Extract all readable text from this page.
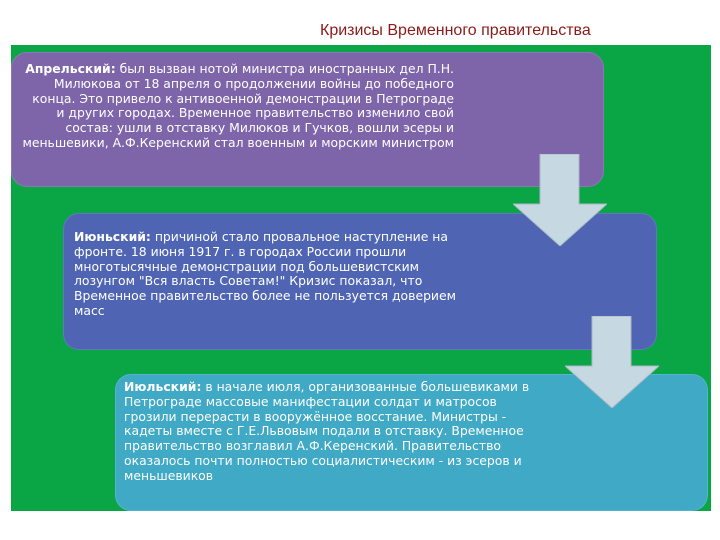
Кризисы Временного правительства

Апрельский: был вызван нотой министра иностранных дел П.Н. Милюкова от 18 апреля о продолжении войны до победного конца. Это привело к антивоенной демонстрации в Петрограде и других городах. Временное правительство изменило свой состав: ушли в отставку Милюков и Гучков, вошли эсеры и меньшевики, А.Ф.Керенский стал военным и морским министром

Июньский: причиной стало провальное наступление на фронте. 18 июня 1917 г. в городах России прошли многотысячные демонстрации под большевистским лозунгом "Вся власть Советам!" Кризис показал, что Временное правительство более не пользуется доверием масс

Июльский: в начале июля, организованные большевиками в Петрограде массовые манифестации солдат и матросов грозили перерасти в вооружённое восстание. Министры - кадеты вместе с Г.Е.Львовым подали в отставку. Временное правительство возглавил А.Ф.Керенский. Правительство оказалось почти полностью социалистическим - из эсеров и меньшевиков
